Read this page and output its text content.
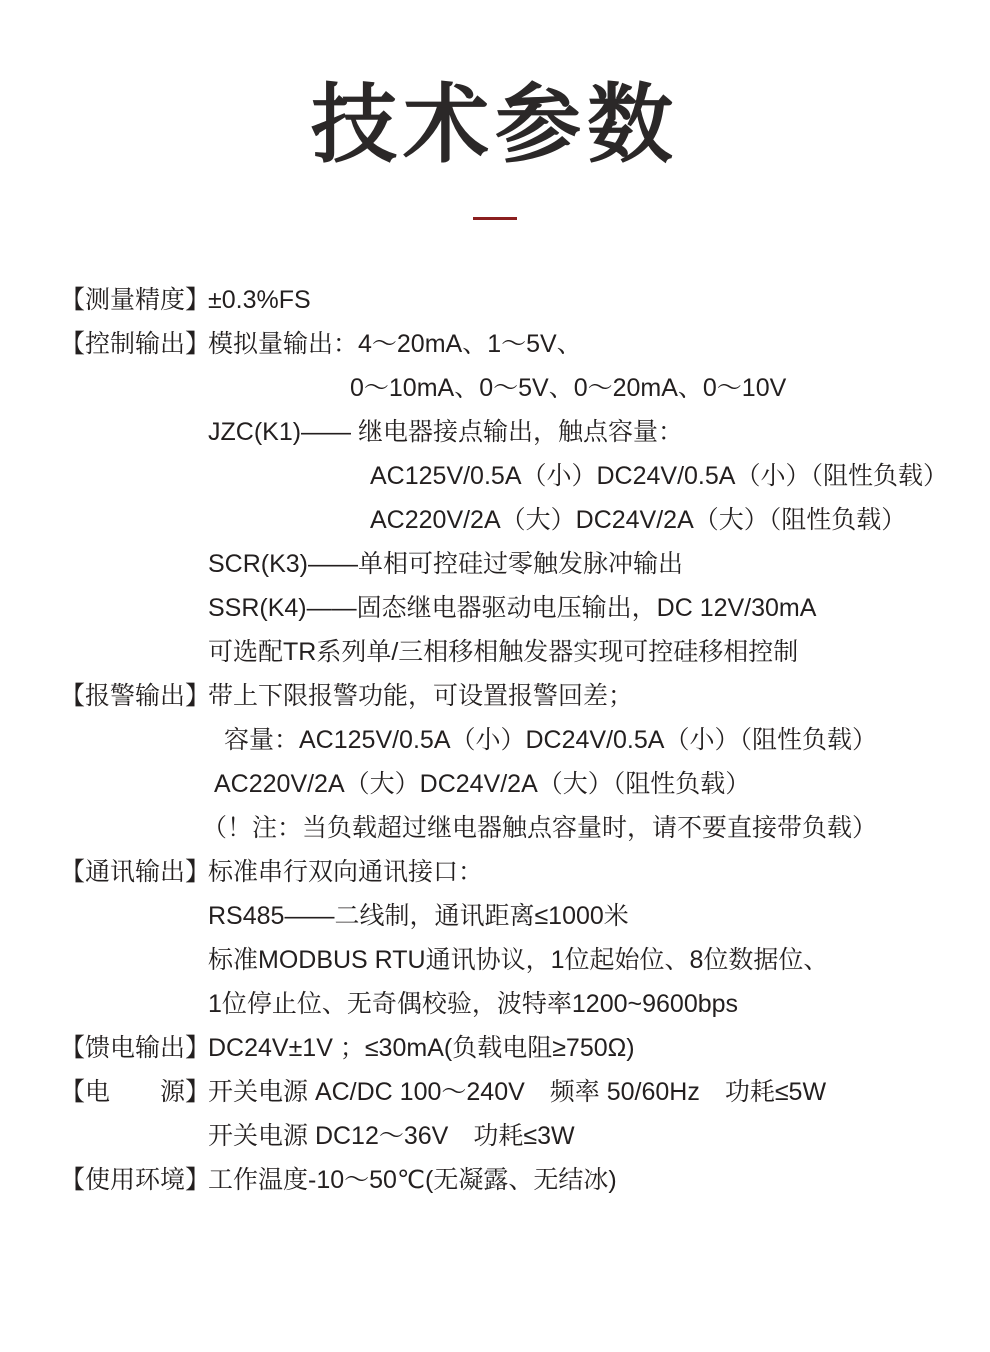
技术参数
【测量精度】±0.3%FS
【控制输出】模拟量输出：4～20mA、1～5V、
0～10mA、0～5V、0～20mA、0～10V
JZC(K1)—— 继电器接点输出，触点容量：
AC125V/0.5A（小）DC24V/0.5A（小）（阻性负载）
AC220V/2A（大）DC24V/2A（大）（阻性负载）
SCR(K3)——单相可控硅过零触发脉冲输出
SSR(K4)——固态继电器驱动电压输出，DC 12V/30mA
可选配TR系列单/三相移相触发器实现可控硅移相控制
【报警输出】带上下限报警功能，可设置报警回差；
容量：AC125V/0.5A（小）DC24V/0.5A（小）（阻性负载）
AC220V/2A（大）DC24V/2A（大）（阻性负载）
（！注：当负载超过继电器触点容量时，请不要直接带负载）
【通讯输出】标准串行双向通讯接口：
RS485——二线制，通讯距离≤1000米
标准MODBUS RTU通讯协议，1位起始位、8位数据位、
1位停止位、无奇偶校验，波特率1200~9600bps
【馈电输出】DC24V±1V ；≤30mA(负载电阻≥750Ω)
【电　　源】开关电源 AC/DC 100～240V　频率 50/60Hz　功耗≤5W
开关电源 DC12～36V　功耗≤3W
【使用环境】工作温度-10～50℃(无凝露、无结冰)
